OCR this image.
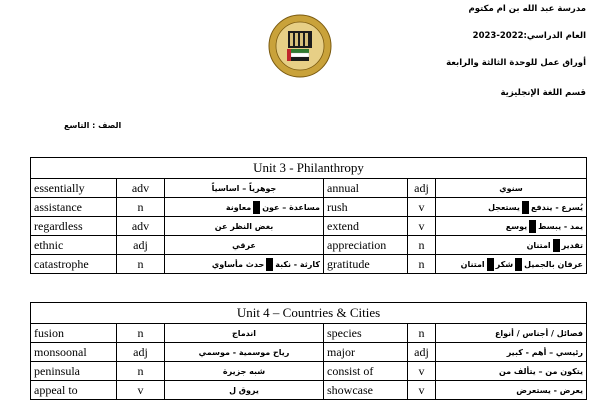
مدرسة عبد الله بن ام مكتوم
العام الدراسي:2022-2023
أوراق عمل للوحدة الثالثة والرابعة
قسم اللغة الإنجليزية
الصف : التاسع
Unit 3 - Philanthropy					
essentially	adv	جوهرياً – اساسياً	annual	adj	سنوي
assistance	n	مساعدة – عونمعاونة	rush	v	يُسرع - يندفعيستعجل
regardless	adv	بغض النظر عن	extend	v	يمد - يبسطيوسع
ethnic	adj	عرقي	appreciation	n	تقديرامتنان
catastrophe	n	كارثة - نكبةحدث مأساوي	gratitude	n	عرفان بالجميلشكرامتنان
Unit 4 – Countries & Cities					
fusion	n	اندماج	species	n	فصائل / أجناس / أنواع
monsoonal	adj	رياح موسمية - موسمي	major	adj	رئيسي – أهم - كبير
peninsula	n	شبه جزيرة	consist of	v	يتكون من – يتألف من
appeal to	v	يروق ل	showcase	v	يعرض - يستعرض
